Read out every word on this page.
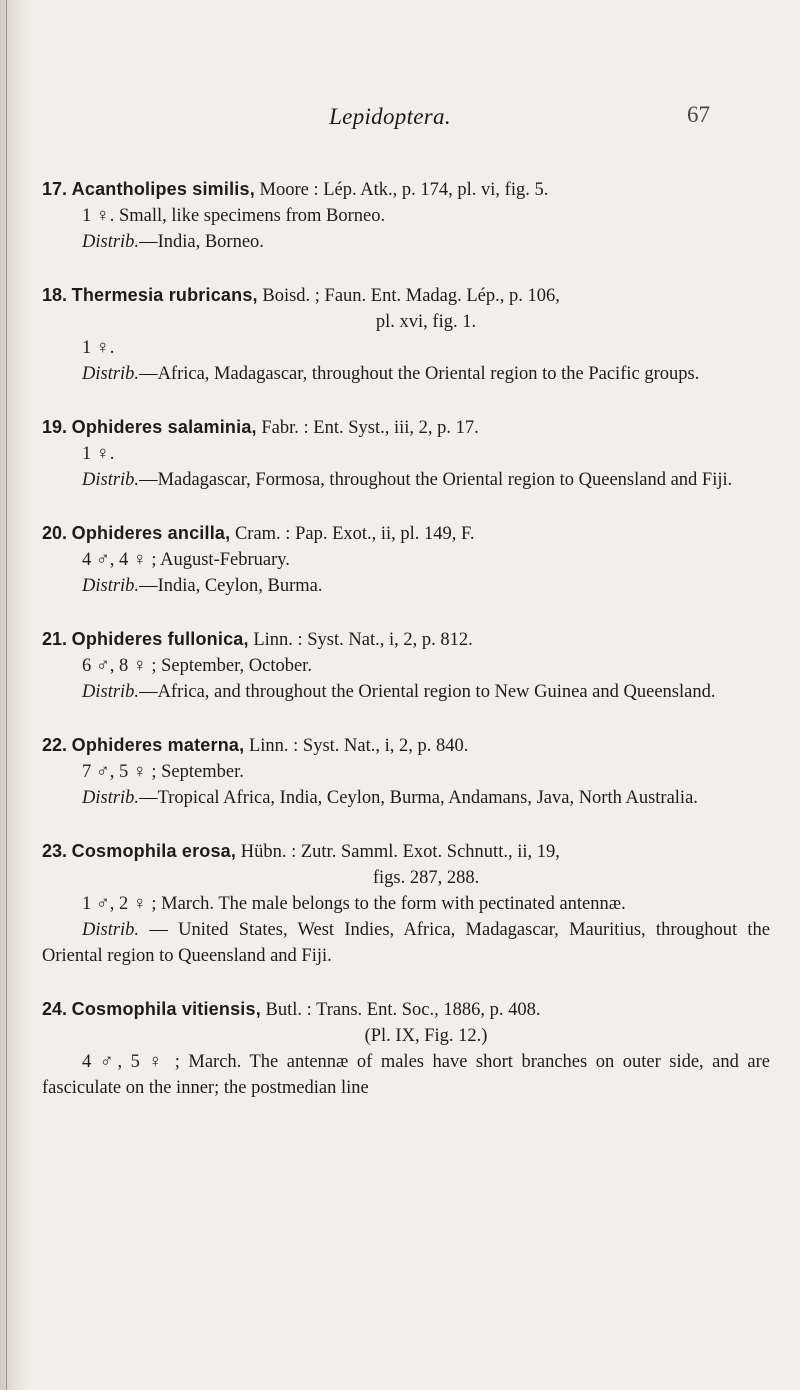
Lepidoptera.	67
17. Acantholipes similis, Moore : Lép. Atk., p. 174, pl. vi, fig. 5.
1 ♀. Small, like specimens from Borneo.
Distrib.—India, Borneo.
18. Thermesia rubricans, Boisd. ; Faun. Ent. Madag. Lép., p. 106,
pl. xvi, fig. 1.
1 ♀.
Distrib.—Africa, Madagascar, throughout the Oriental region to the Pacific groups.
19. Ophideres salaminia, Fabr. : Ent. Syst., iii, 2, p. 17.
1 ♀.
Distrib.—Madagascar, Formosa, throughout the Oriental region to Queensland and Fiji.
20. Ophideres ancilla, Cram. : Pap. Exot., ii, pl. 149, F.
4 ♂, 4 ♀ ; August-February.
Distrib.—India, Ceylon, Burma.
21. Ophideres fullonica, Linn. : Syst. Nat., i, 2, p. 812.
6 ♂, 8 ♀ ; September, October.
Distrib.—Africa, and throughout the Oriental region to New Guinea and Queensland.
22. Ophideres materna, Linn. : Syst. Nat., i, 2, p. 840.
7 ♂, 5 ♀ ; September.
Distrib.—Tropical Africa, India, Ceylon, Burma, Andamans, Java, North Australia.
23. Cosmophila erosa, Hübn. : Zutr. Samml. Exot. Schnutt., ii, 19,
figs. 287, 288.
1 ♂, 2 ♀ ; March. The male belongs to the form with pectinated antennæ.
Distrib. — United States, West Indies, Africa, Madagascar, Mauritius, throughout the Oriental region to Queensland and Fiji.
24. Cosmophila vitiensis, Butl. : Trans. Ent. Soc., 1886, p. 408.
(Pl. IX, Fig. 12.)
4 ♂, 5 ♀ ; March. The antennæ of males have short branches on outer side, and are fasciculate on the inner; the postmedian line
